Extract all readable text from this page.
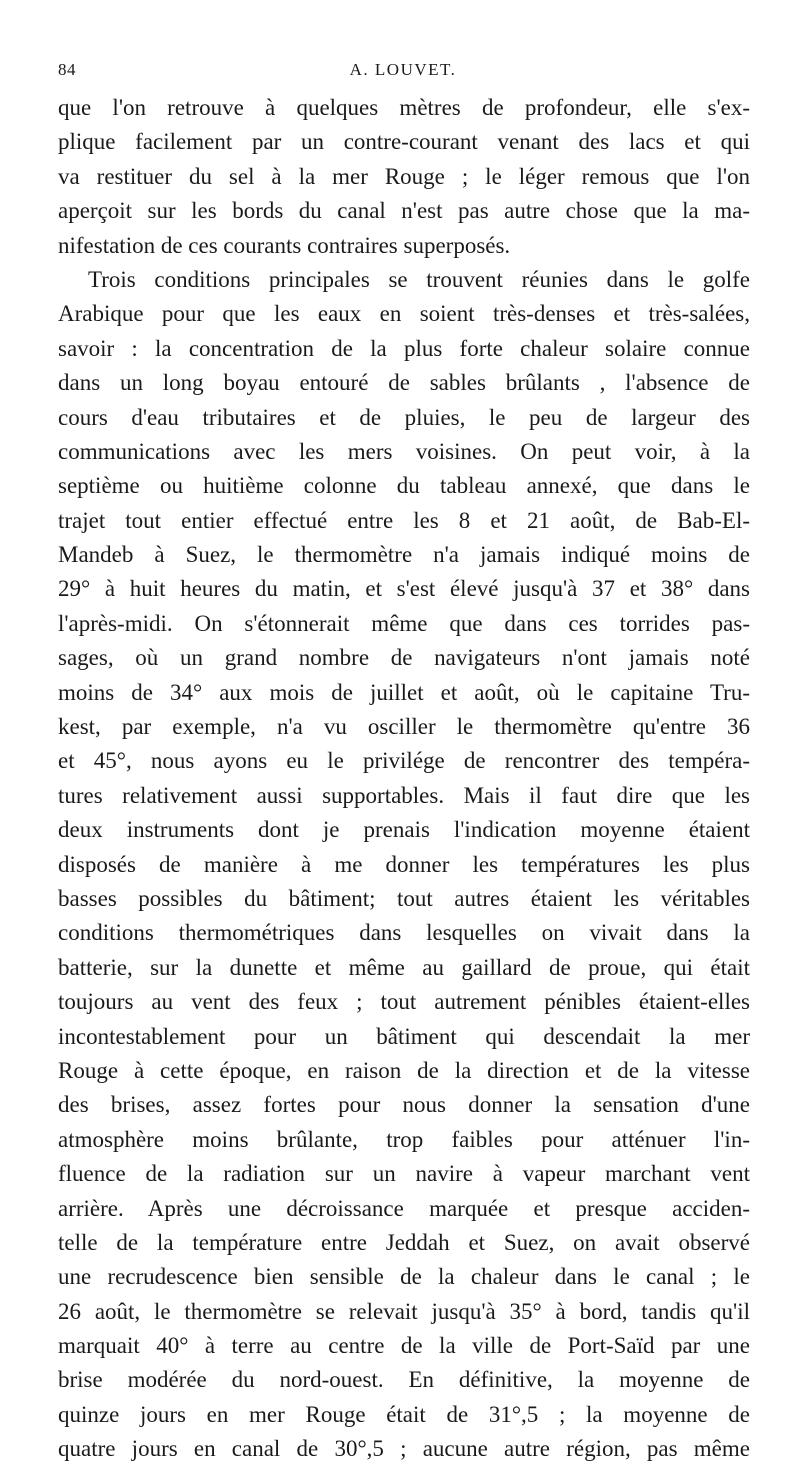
84	A. LOUVET.
que l'on retrouve à quelques mètres de profondeur, elle s'ex-
plique facilement par un contre-courant venant des lacs et qui
va restituer du sel à la mer Rouge ; le léger remous que l'on
aperçoit sur les bords du canal n'est pas autre chose que la ma-
nifestation de ces courants contraires superposés.
Trois conditions principales se trouvent réunies dans le golfe
Arabique pour que les eaux en soient très-denses et très-salées,
savoir : la concentration de la plus forte chaleur solaire connue
dans un long boyau entouré de sables brûlants , l'absence de
cours d'eau tributaires et de pluies, le peu de largeur des
communications avec les mers voisines. On peut voir, à la
septième ou huitième colonne du tableau annexé, que dans le
trajet tout entier effectué entre les 8 et 21 août, de Bab-El-
Mandeb à Suez, le thermomètre n'a jamais indiqué moins de
29° à huit heures du matin, et s'est élevé jusqu'à 37 et 38° dans
l'après-midi. On s'étonnerait même que dans ces torrides pas-
sages, où un grand nombre de navigateurs n'ont jamais noté
moins de 34° aux mois de juillet et août, où le capitaine Tru-
kest, par exemple, n'a vu osciller le thermomètre qu'entre 36
et 45°, nous ayons eu le privilége de rencontrer des tempéra-
tures relativement aussi supportables. Mais il faut dire que les
deux instruments dont je prenais l'indication moyenne étaient
disposés de manière à me donner les températures les plus
basses possibles du bâtiment; tout autres étaient les véritables
conditions thermométriques dans lesquelles on vivait dans la
batterie, sur la dunette et même au gaillard de proue, qui était
toujours au vent des feux ; tout autrement pénibles étaient-elles
incontestablement pour un bâtiment qui descendait la mer
Rouge à cette époque, en raison de la direction et de la vitesse
des brises, assez fortes pour nous donner la sensation d'une
atmosphère moins brûlante, trop faibles pour atténuer l'in-
fluence de la radiation sur un navire à vapeur marchant vent
arrière. Après une décroissance marquée et presque acciden-
telle de la température entre Jeddah et Suez, on avait observé
une recrudescence bien sensible de la chaleur dans le canal ; le
26 août, le thermomètre se relevait jusqu'à 35° à bord, tandis qu'il
marquait 40° à terre au centre de la ville de Port-Saïd par une
brise modérée du nord-ouest. En définitive, la moyenne de
quinze jours en mer Rouge était de 31°,5 ; la moyenne de
quatre jours en canal de 30°,5 ; aucune autre région, pas même
